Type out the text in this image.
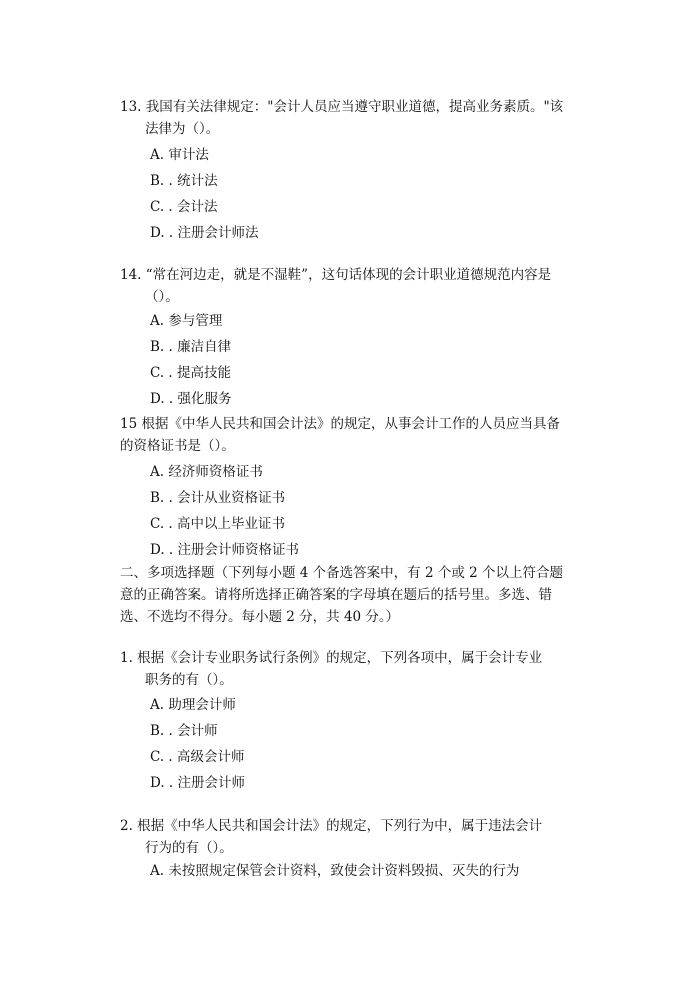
13. 我国有关法律规定："会计人员应当遵守职业道德，提高业务素质。"该
法律为（）。
A. 审计法
B. . 统计法
C. . 会计法
D. . 注册会计师法
14. “常在河边走，就是不湿鞋”，这句话体现的会计职业道德规范内容是
（）。
A. 参与管理
B. . 廉洁自律
C. . 提高技能
D. . 强化服务
15 根据《中华人民共和国会计法》的规定，从事会计工作的人员应当具备
的资格证书是（）。
A. 经济师资格证书
B. . 会计从业资格证书
C. . 高中以上毕业证书
D. . 注册会计师资格证书
二、多项选择题（下列每小题 4 个备选答案中，有 2 个或 2 个以上符合题
意的正确答案。请将所选择正确答案的字母填在题后的括号里。多选、错
选、不选均不得分。每小题 2 分，共 40 分。）
1. 根据《会计专业职务试行条例》的规定，下列各项中，属于会计专业
职务的有（）。
A. 助理会计师
B. . 会计师
C. . 高级会计师
D. . 注册会计师
2. 根据《中华人民共和国会计法》的规定，下列行为中，属于违法会计
行为的有（）。
A. 未按照规定保管会计资料，致使会计资料毁损、灭失的行为
